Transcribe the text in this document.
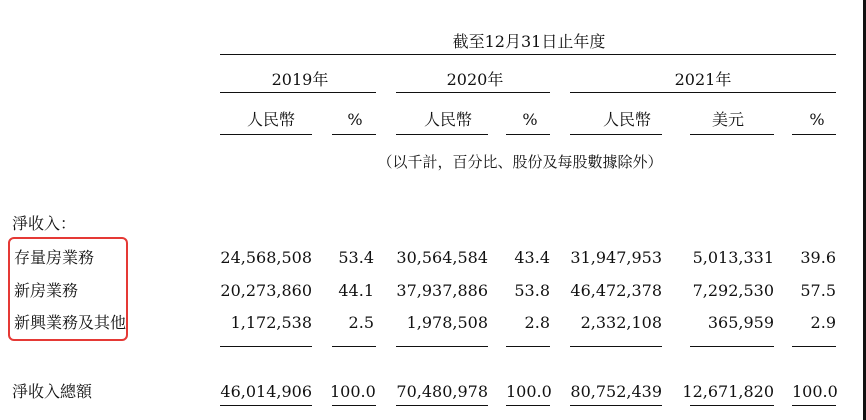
截至12月31日止年度
2019年	2020年	2021年
人民幣	%	人民幣	%	人民幣	美元	%
（以千計，百分比、股份及每股數據除外）
淨收入：
存量房業務	24,568,508	53.4	30,564,584	43.4	31,947,953	5,013,331	39.6
新房業務	20,273,860	44.1	37,937,886	53.8	46,472,378	7,292,530	57.5
新興業務及其他	1,172,538	2.5	1,978,508	2.8	2,332,108	365,959	2.9
淨收入總額	46,014,906 100.0	70,480,978 100.0	80,752,439	12,671,820 100.0
